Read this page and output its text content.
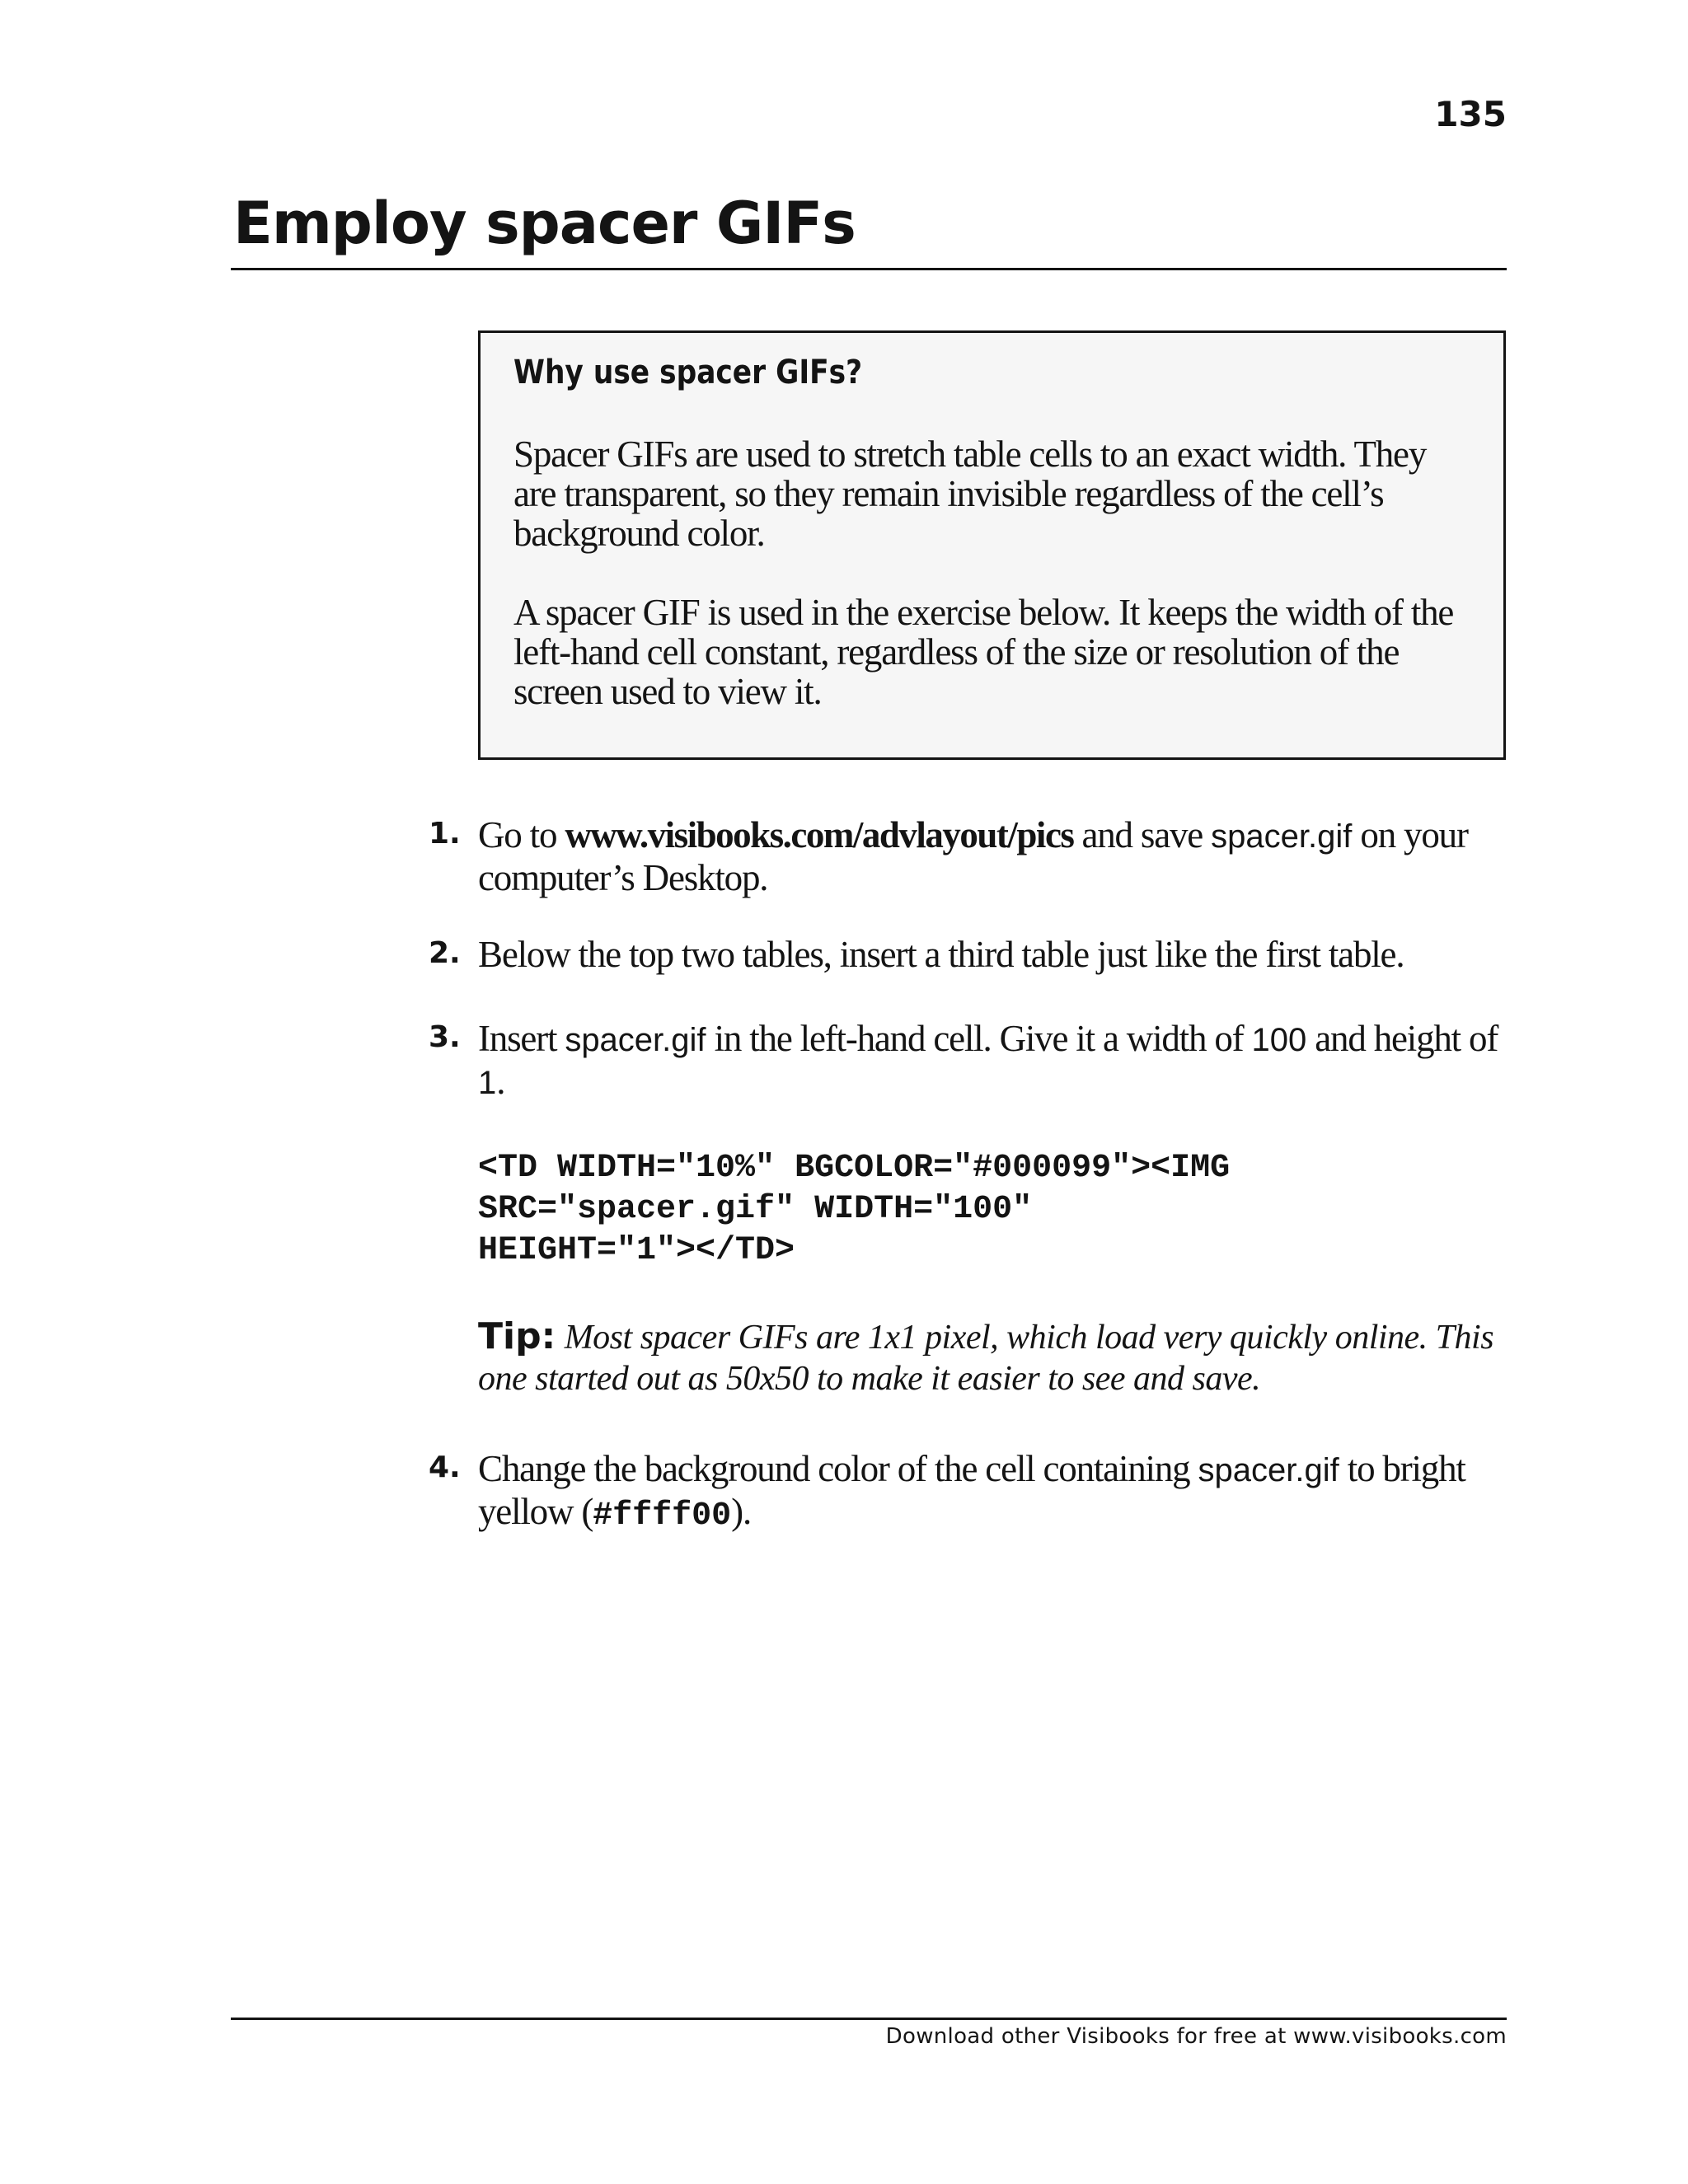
135
Employ spacer GIFs
Why use spacer GIFs?

Spacer GIFs are used to stretch table cells to an exact width. They are transparent, so they remain invisible regardless of the cell’s background color.

A spacer GIF is used in the exercise below. It keeps the width of the left-hand cell constant, regardless of the size or resolution of the screen used to view it.

1. Go to www.visibooks.com/advlayout/pics and save spacer.gif on your computer’s Desktop.

2. Below the top two tables, insert a third table just like the first table.

3. Insert spacer.gif in the left-hand cell. Give it a width of 100 and height of 1.

<TD WIDTH="10%" BGCOLOR="#000099"><IMG
SRC="spacer.gif" WIDTH="100"
HEIGHT="1"></TD>

Tip: Most spacer GIFs are 1x1 pixel, which load very quickly online. This one started out as 50x50 to make it easier to see and save.

4. Change the background color of the cell containing spacer.gif to bright yellow (#ffff00).

Download other Visibooks for free at www.visibooks.com
